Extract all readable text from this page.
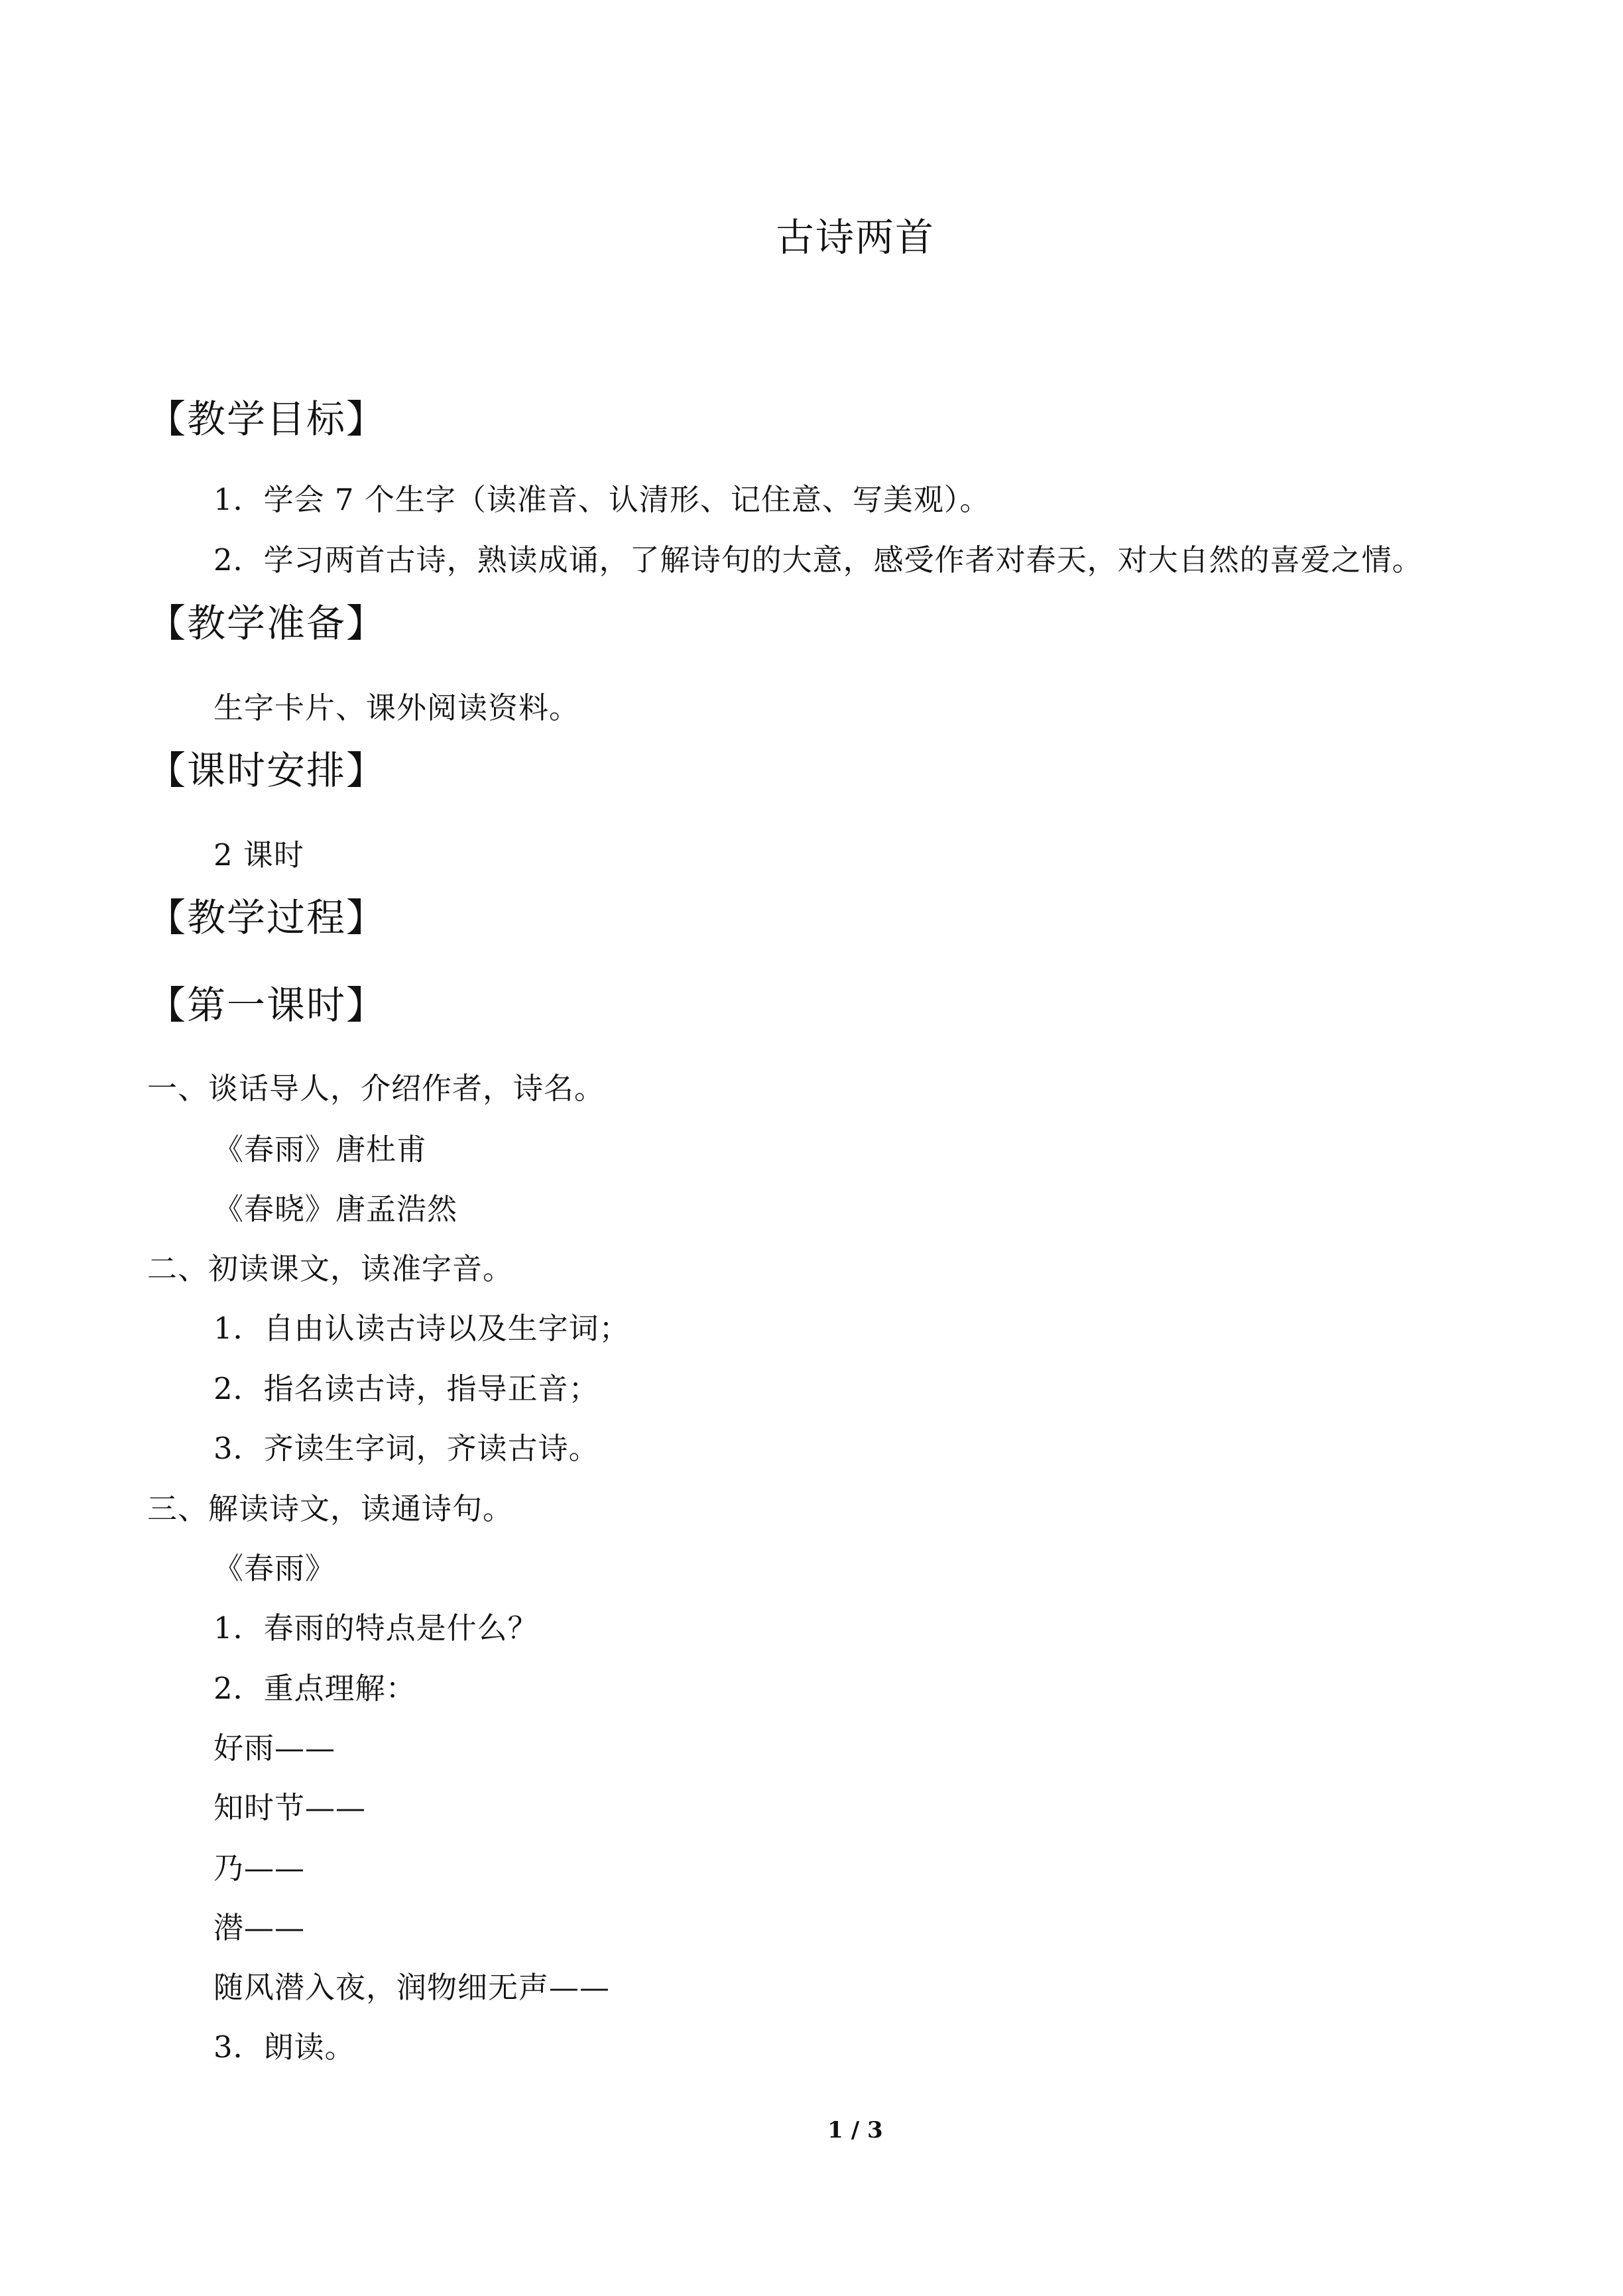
古诗两首
【教学目标】
1．学会 7 个生字（读准音、认清形、记住意、写美观）。
2．学习两首古诗，熟读成诵，了解诗句的大意，感受作者对春天，对大自然的喜爱之情。
【教学准备】
生字卡片、课外阅读资料。
【课时安排】
2 课时
【教学过程】
【第一课时】
一、谈话导人，介绍作者，诗名。
《春雨》唐杜甫
《春晓》唐孟浩然
二、初读课文，读准字音。
1．自由认读古诗以及生字词；
2．指名读古诗，指导正音；
3．齐读生字词，齐读古诗。
三、解读诗文，读通诗句。
《春雨》
1．春雨的特点是什么？
2．重点理解：
好雨——
知时节——
乃——
潜——
随风潜入夜，润物细无声——
3．朗读。
1 / 3
